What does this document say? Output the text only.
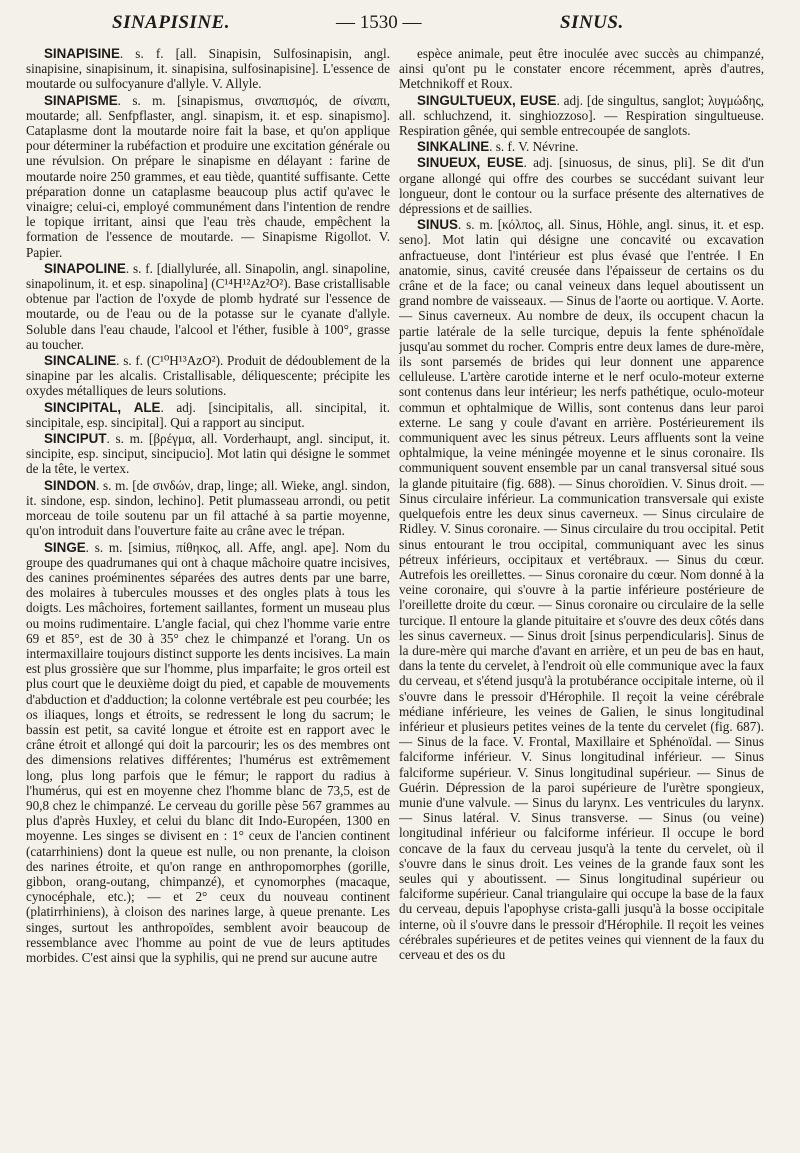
SINAPISINE.	— 1530 —	SINUS.

SINAPISINE. s. f. [all. Sinapisin, Sulfosinapisin, angl. sinapisine, sinapisinum, it. sinapisina, sulfosinapisine]. L'essence de moutarde ou sulfocyanure d'allyle. V. Allyle.

SINAPISME. s. m. [sinapismus, σιναπισμός, de σίναπι, moutarde; all. Senfpflaster, angl. sinapism, it. et esp. sinapismo]. Cataplasme dont la moutarde noire fait la base, et qu'on applique pour déterminer la rubéfaction et produire une excitation générale ou une révulsion. On prépare le sinapisme en délayant : farine de moutarde noire 250 grammes, et eau tiède, quantité suffisante. Cette préparation donne un cataplasme beaucoup plus actif qu'avec le vinaigre; celui-ci, employé communément dans l'intention de rendre le topique irritant, ainsi que l'eau très chaude, empêchent la formation de l'essence de moutarde. — Sinapisme Rigollot. V. Papier.

SINAPOLINE. s. f. [diallylurée, all. Sinapolin, angl. sinapoline, sinapolinum, it. et esp. sinapolina] (C¹⁴H¹²Az²O²). Base cristallisable obtenue par l'action de l'oxyde de plomb hydraté sur l'essence de moutarde, ou de l'eau ou de la potasse sur le cyanate d'allyle. Soluble dans l'eau chaude, l'alcool et l'éther, fusible à 100°, grasse au toucher.

SINCALINE. s. f. (C¹⁰H¹³AzO²). Produit de dédoublement de la sinapine par les alcalis. Cristallisable, déliquescente; précipite les oxydes métalliques de leurs solutions.

SINCIPITAL, ALE. adj. [sincipitalis, all. sincipital, it. sincipitale, esp. sincipital]. Qui a rapport au sinciput.

SINCIPUT. s. m. [βρέγμα, all. Vorderhaupt, angl. sinciput, it. sincipite, esp. sinciput, sincipucio]. Mot latin qui désigne le sommet de la tête, le vertex.

SINDON. s. m. [de σινδών, drap, linge; all. Wieke, angl. sindon, it. sindone, esp. sindon, lechino]. Petit plumasseau arrondi, ou petit morceau de toile soutenu par un fil attaché à sa partie moyenne, qu'on introduit dans l'ouverture faite au crâne avec le trépan.

SINGE. s. m. [simius, πίθηκος, all. Affe, angl. ape]. Nom du groupe des quadrumanes qui ont à chaque mâchoire quatre incisives, des canines proéminentes séparées des autres dents par une barre, des molaires à tubercules mousses et des ongles plats à tous les doigts. Les mâchoires, fortement saillantes, forment un museau plus ou moins rudimentaire. L'angle facial, qui chez l'homme varie entre 69 et 85°, est de 30 à 35° chez le chimpanzé et l'orang. Un os intermaxillaire toujours distinct supporte les dents incisives. La main est plus grossière que sur l'homme, plus imparfaite; le gros orteil est plus court que le deuxième doigt du pied, et capable de mouvements d'abduction et d'adduction; la colonne vertébrale est peu courbée; les os iliaques, longs et étroits, se redressent le long du sacrum; le bassin est petit, sa cavité longue et étroite est en rapport avec le crâne étroit et allongé qui doit la parcourir; les os des membres ont des dimensions relatives différentes; l'humérus est extrêmement long, plus long parfois que le fémur; le rapport du radius à l'humérus, qui est en moyenne chez l'homme blanc de 73,5, est de 90,8 chez le chimpanzé. Le cerveau du gorille pèse 567 grammes au plus d'après Huxley, et celui du blanc dit Indo-Européen, 1300 en moyenne. Les singes se divisent en : 1° ceux de l'ancien continent (catarrhiniens) dont la queue est nulle, ou non prenante, la cloison des narines étroite, et qu'on range en anthropomorphes (gorille, gibbon, orang-outang, chimpanzé), et cynomorphes (macaque, cynocéphale, etc.); — et 2° ceux du nouveau continent (platirrhiniens), à cloison des narines large, à queue prenante. Les singes, surtout les anthropoïdes, semblent avoir beaucoup de ressemblance avec l'homme au point de vue de leurs aptitudes morbides. C'est ainsi que la syphilis, qui ne prend sur aucune autre

espèce animale, peut être inoculée avec succès au chimpanzé, ainsi qu'ont pu le constater encore récemment, après d'autres, Metchnikoff et Roux.

SINGULTUEUX, EUSE. adj. [de singultus, sanglot; λυγμώδης, all. schluchzend, it. singhiozzoso]. — Respiration singultueuse. Respiration gênée, qui semble entrecoupée de sanglots.

SINKALINE. s. f. V. Névrine.

SINUEUX, EUSE. adj. [sinuosus, de sinus, pli]. Se dit d'un organe allongé qui offre des courbes se succédant suivant leur longueur, dont le contour ou la surface présente des alternatives de dépressions et de saillies.

SINUS. s. m. [κόλπος, all. Sinus, Höhle, angl. sinus, it. et esp. seno]. Mot latin qui désigne une concavité ou excavation anfractueuse, dont l'intérieur est plus évasé que l'entrée. ‖ En anatomie, sinus, cavité creusée dans l'épaisseur de certains os du crâne et de la face; ou canal veineux dans lequel aboutissent un grand nombre de vaisseaux. — Sinus de l'aorte ou aortique. V. Aorte. — Sinus caverneux. Au nombre de deux, ils occupent chacun la partie latérale de la selle turcique, depuis la fente sphénoïdale jusqu'au sommet du rocher. Compris entre deux lames de dure-mère, ils sont parsemés de brides qui leur donnent une apparence celluleuse. L'artère carotide interne et le nerf oculo-moteur externe sont contenus dans leur intérieur; les nerfs pathétique, oculo-moteur commun et ophtalmique de Willis, sont contenus dans leur paroi externe. Le sang y coule d'avant en arrière. Postérieurement ils communiquent avec les sinus pétreux. Leurs affluents sont la veine ophtalmique, la veine méningée moyenne et le sinus coronaire. Ils communiquent souvent ensemble par un canal transversal situé sous la glande pituitaire (fig. 688). — Sinus choroïdien. V. Sinus droit. — Sinus circulaire inférieur. La communication transversale qui existe quelquefois entre les deux sinus caverneux. — Sinus circulaire de Ridley. V. Sinus coronaire. — Sinus circulaire du trou occipital. Petit sinus entourant le trou occipital, communiquant avec les sinus pétreux inférieurs, occipitaux et vertébraux. — Sinus du cœur. Autrefois les oreillettes. — Sinus coronaire du cœur. Nom donné à la veine coronaire, qui s'ouvre à la partie inférieure postérieure de l'oreillette droite du cœur. — Sinus coronaire ou circulaire de la selle turcique. Il entoure la glande pituitaire et s'ouvre des deux côtés dans les sinus caverneux. — Sinus droit [sinus perpendicularis]. Sinus de la dure-mère qui marche d'avant en arrière, et un peu de bas en haut, dans la tente du cervelet, à l'endroit où elle communique avec la faux du cerveau, et s'étend jusqu'à la protubérance occipitale interne, où il s'ouvre dans le pressoir d'Hérophile. Il reçoit la veine cérébrale médiane inférieure, les veines de Galien, le sinus longitudinal inférieur et plusieurs petites veines de la tente du cervelet (fig. 687). — Sinus de la face. V. Frontal, Maxillaire et Sphénoïdal. — Sinus falciforme inférieur. V. Sinus longitudinal inférieur. — Sinus falciforme supérieur. V. Sinus longitudinal supérieur. — Sinus de Guérin. Dépression de la paroi supérieure de l'urètre spongieux, munie d'une valvule. — Sinus du larynx. Les ventricules du larynx. — Sinus latéral. V. Sinus transverse. — Sinus (ou veine) longitudinal inférieur ou falciforme inférieur. Il occupe le bord concave de la faux du cerveau jusqu'à la tente du cervelet, où il s'ouvre dans le sinus droit. Les veines de la grande faux sont les seules qui y aboutissent. — Sinus longitudinal supérieur ou falciforme supérieur. Canal triangulaire qui occupe la base de la faux du cerveau, depuis l'apophyse crista-galli jusqu'à la bosse occipitale interne, où il s'ouvre dans le pressoir d'Hérophile. Il reçoit les veines cérébrales supérieures et de petites veines qui viennent de la faux du cerveau et des os du
